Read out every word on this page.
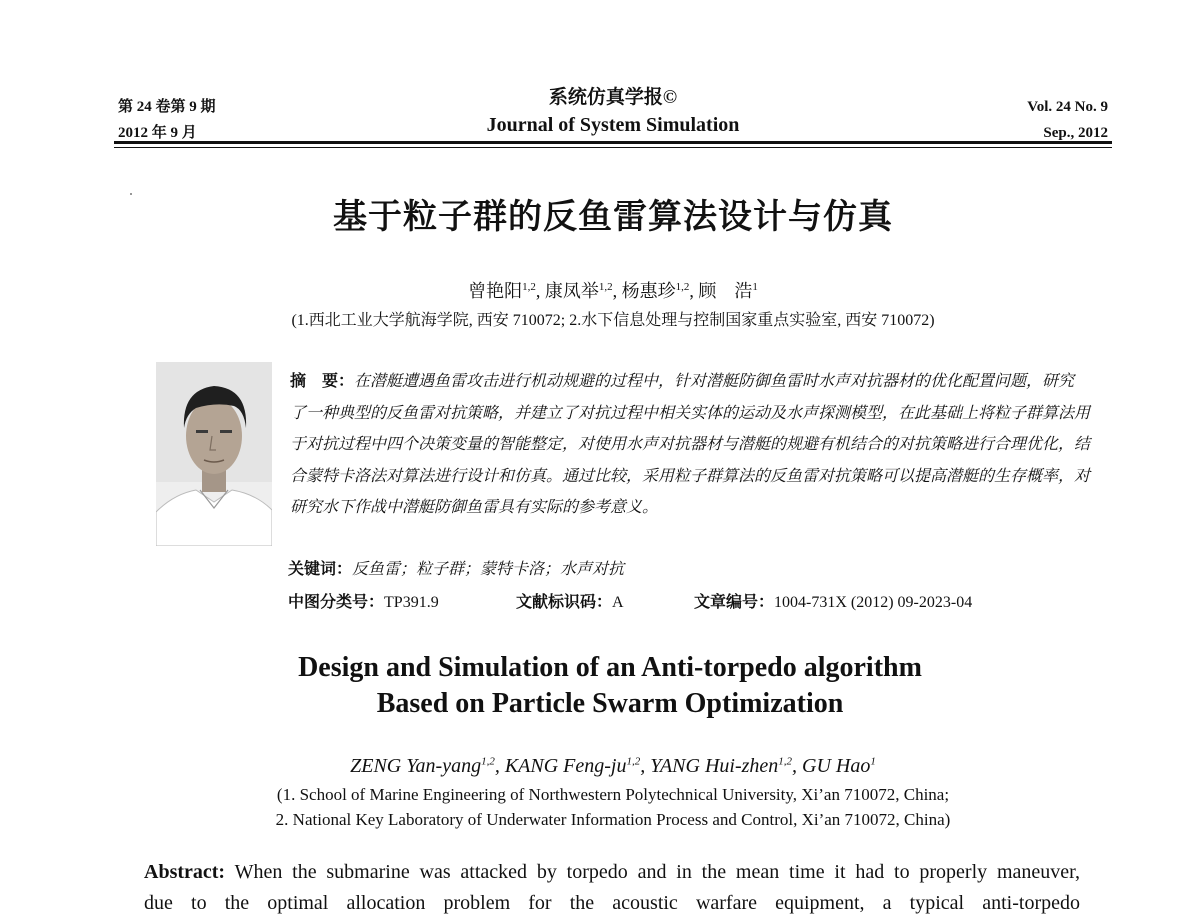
第 24 卷第 9 期
2012 年 9 月
系统仿真学报©
Journal of System Simulation
Vol. 24 No. 9
Sep., 2012
基于粒子群的反鱼雷算法设计与仿真
曾艳阳$^{1,2}$, 康凤举$^{1,2}$, 杨惠珍$^{1,2}$, 顾　浩$^1$
(1.西北工业大学航海学院, 西安 710072; 2.水下信息处理与控制国家重点实验室, 西安 710072)
摘　要：在潜艇遭遇鱼雷攻击进行机动规避的过程中，针对潜艇防御鱼雷时水声对抗器材的优化配置问题，研究了一种典型的反鱼雷对抗策略，并建立了对抗过程中相关实体的运动及水声探测模型，在此基础上将粒子群算法用于对抗过程中四个决策变量的智能整定，对使用水声对抗器材与潜艇的规避有机结合的对抗策略进行合理优化，结合蒙特卡洛法对算法进行设计和仿真。通过比较，采用粒子群算法的反鱼雷对抗策略可以提高潜艇的生存概率，对研究水下作战中潜艇防御鱼雷具有实际的参考意义。
关键词：反鱼雷；粒子群；蒙特卡洛；水声对抗
中图分类号：TP391.9	文献标识码：A	文章编号：1004-731X (2012) 09-2023-04
Design and Simulation of an Anti-torpedo algorithm
Based on Particle Swarm Optimization
ZENG Yan-yang$^{1,2}$, KANG Feng-ju$^{1,2}$, YANG Hui-zhen$^{1,2}$, GU Hao$^1$
(1. School of Marine Engineering of Northwestern Polytechnical University, Xi’an 710072, China;
2. National Key Laboratory of Underwater Information Process and Control, Xi’an 710072, China)
Abstract: When the submarine was attacked by torpedo and in the mean time it had to properly maneuver,
due to the optimal allocation problem for the acoustic warfare equipment, a typical anti-torpedo
